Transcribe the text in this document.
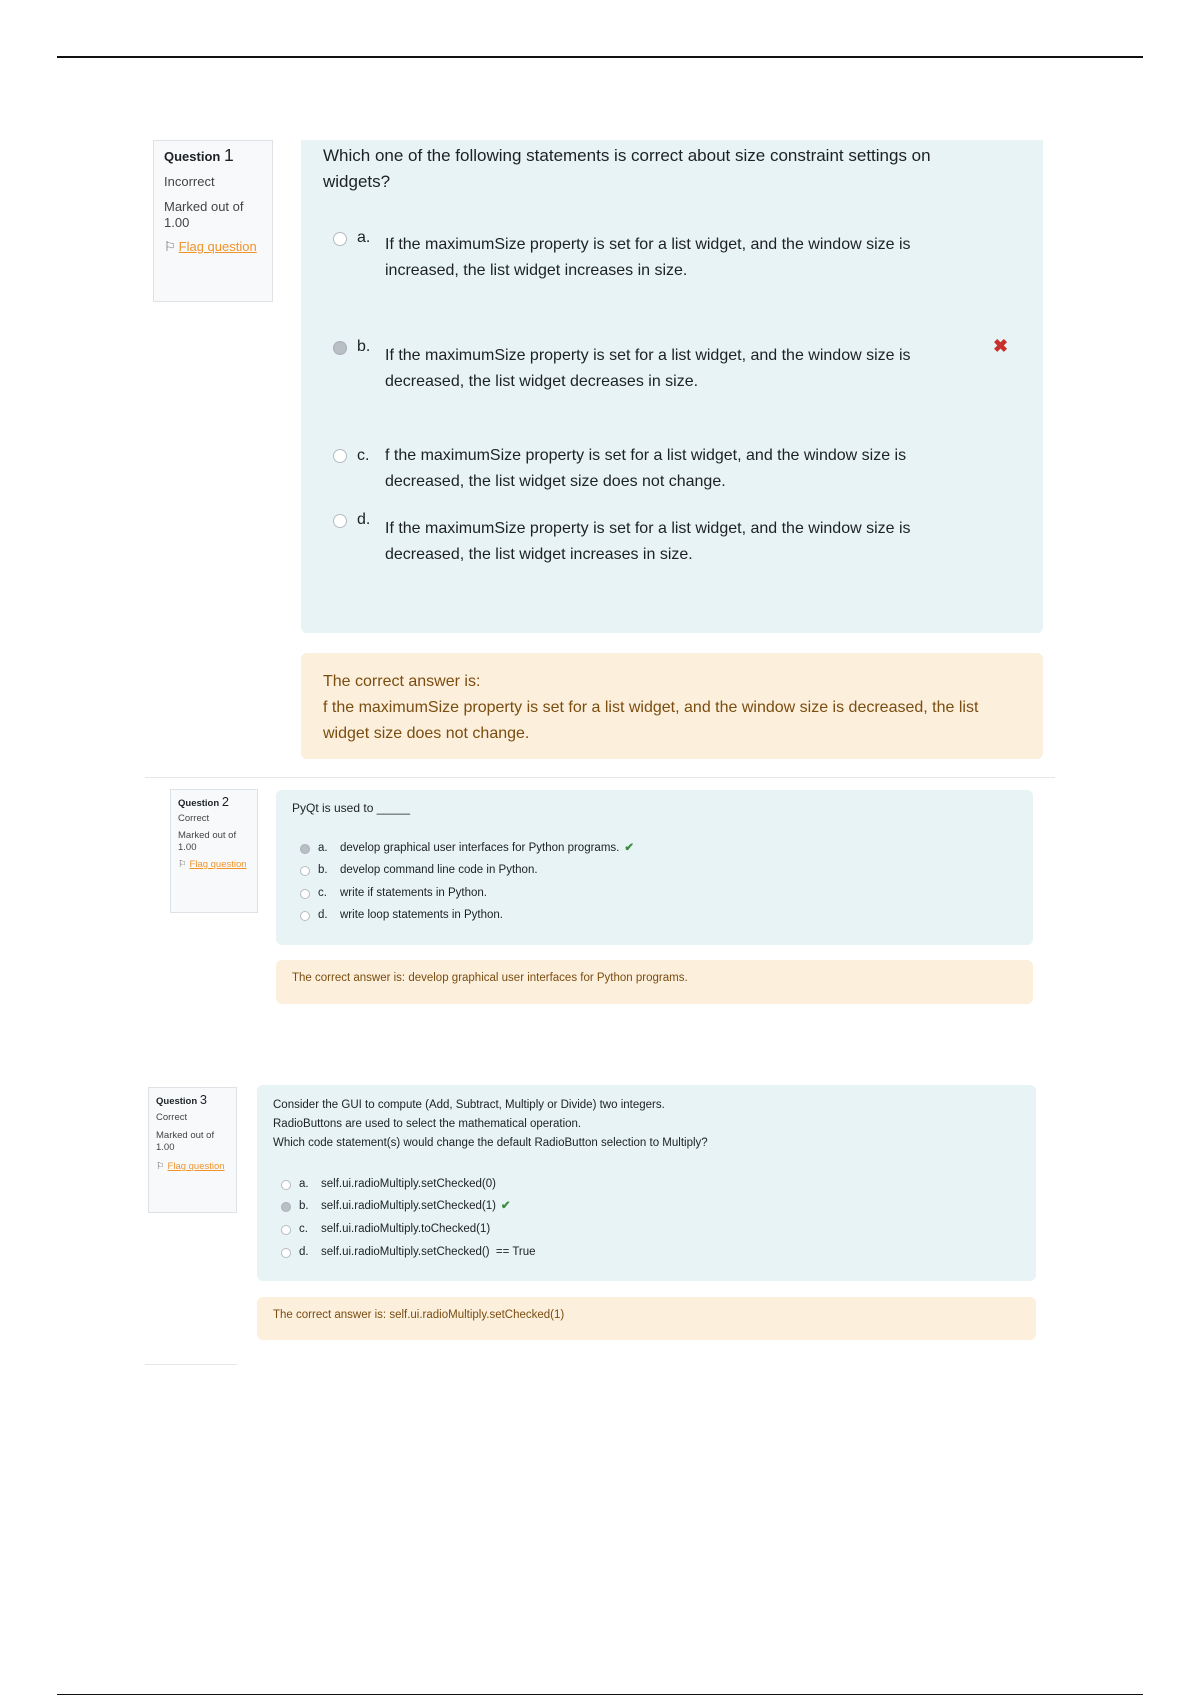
Question 1
Incorrect
Marked out of
1.00
⚐ Flag question
Which one of the following statements is correct about size constraint settings on widgets?
a. If the maximumSize property is set for a list widget, and the window size is increased, the list widget increases in size.
b.
If the maximumSize property is set for a list widget, and the window size is decreased, the list widget decreases in size.
✖
c. f the maximumSize property is set for a list widget, and the window size is decreased, the list widget size does not change.
d.
If the maximumSize property is set for a list widget, and the window size is decreased, the list widget increases in size.
The correct answer is:
f the maximumSize property is set for a list widget, and the window size is decreased, the list widget size does not change.
Question 2
Correct
Marked out of
1.00
⚐ Flag question
PyQt is used to _____
a.	develop graphical user interfaces for Python programs. ✔
b.	develop command line code in Python.
c.	write if statements in Python.
d.	write loop statements in Python.
The correct answer is: develop graphical user interfaces for Python programs.
Question 3
Correct
Marked out of
1.00
⚐ Flag question
Consider the GUI to compute (Add, Subtract, Multiply or Divide) two integers.
RadioButtons are used to select the mathematical operation.
Which code statement(s) would change the default RadioButton selection to Multiply?
a.	self.ui.radioMultiply.setChecked(0)
b.	self.ui.radioMultiply.setChecked(1) ✔
c.	self.ui.radioMultiply.toChecked(1)
d.	self.ui.radioMultiply.setChecked()  == True
The correct answer is: self.ui.radioMultiply.setChecked(1)
